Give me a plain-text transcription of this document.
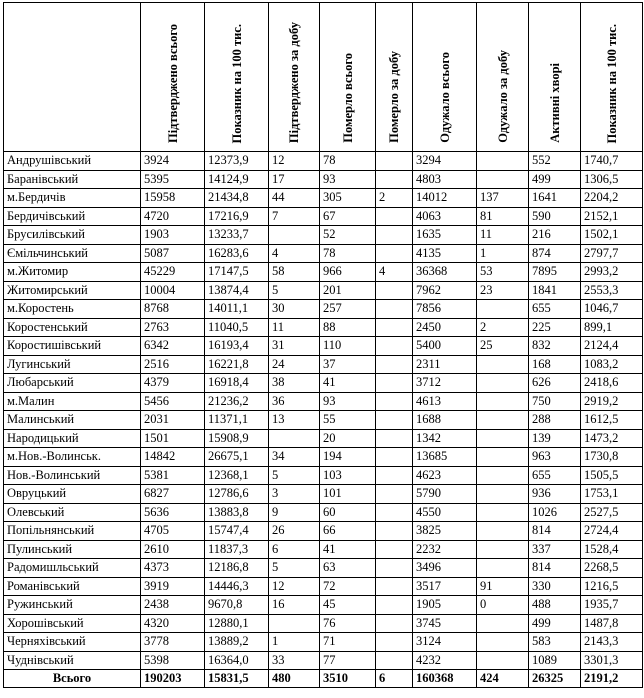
	Підтверджено всього	Показник на 100 тис.	Підтверджено за добу	Померло всього	Померло за добу	Одужало всього	Одужало за добу	Активні хворі	Показник на 100 тис.
Андрушівський	3924	12373,9	12	78		3294		552	1740,7
Баранівський	5395	14124,9	17	93		4803		499	1306,5
м.Бердичів	15958	21434,8	44	305	2	14012	137	1641	2204,2
Бердичівський	4720	17216,9	7	67		4063	81	590	2152,1
Брусилівський	1903	13233,7		52		1635	11	216	1502,1
Ємільчинський	5087	16283,6	4	78		4135	1	874	2797,7
м.Житомир	45229	17147,5	58	966	4	36368	53	7895	2993,2
Житомирський	10004	13874,4	5	201		7962	23	1841	2553,3
м.Коростень	8768	14011,1	30	257		7856		655	1046,7
Коростенський	2763	11040,5	11	88		2450	2	225	899,1
Коростишівський	6342	16193,4	31	110		5400	25	832	2124,4
Лугинський	2516	16221,8	24	37		2311		168	1083,2
Любарський	4379	16918,4	38	41		3712		626	2418,6
м.Малин	5456	21236,2	36	93		4613		750	2919,2
Малинський	2031	11371,1	13	55		1688		288	1612,5
Народицький	1501	15908,9		20		1342		139	1473,2
м.Нов.-Волинськ.	14842	26675,1	34	194		13685		963	1730,8
Нов.-Волинський	5381	12368,1	5	103		4623		655	1505,5
Овруцький	6827	12786,6	3	101		5790		936	1753,1
Олевський	5636	13883,8	9	60		4550		1026	2527,5
Попільнянський	4705	15747,4	26	66		3825		814	2724,4
Пулинський	2610	11837,3	6	41		2232		337	1528,4
Радомишльський	4373	12186,8	5	63		3496		814	2268,5
Романівський	3919	14446,3	12	72		3517	91	330	1216,5
Ружинський	2438	9670,8	16	45		1905	0	488	1935,7
Хорошівський	4320	12880,1		76		3745		499	1487,8
Черняхівський	3778	13889,2	1	71		3124		583	2143,3
Чуднівський	5398	16364,0	33	77		4232		1089	3301,3
Всього	190203	15831,5	480	3510	6	160368	424	26325	2191,2
